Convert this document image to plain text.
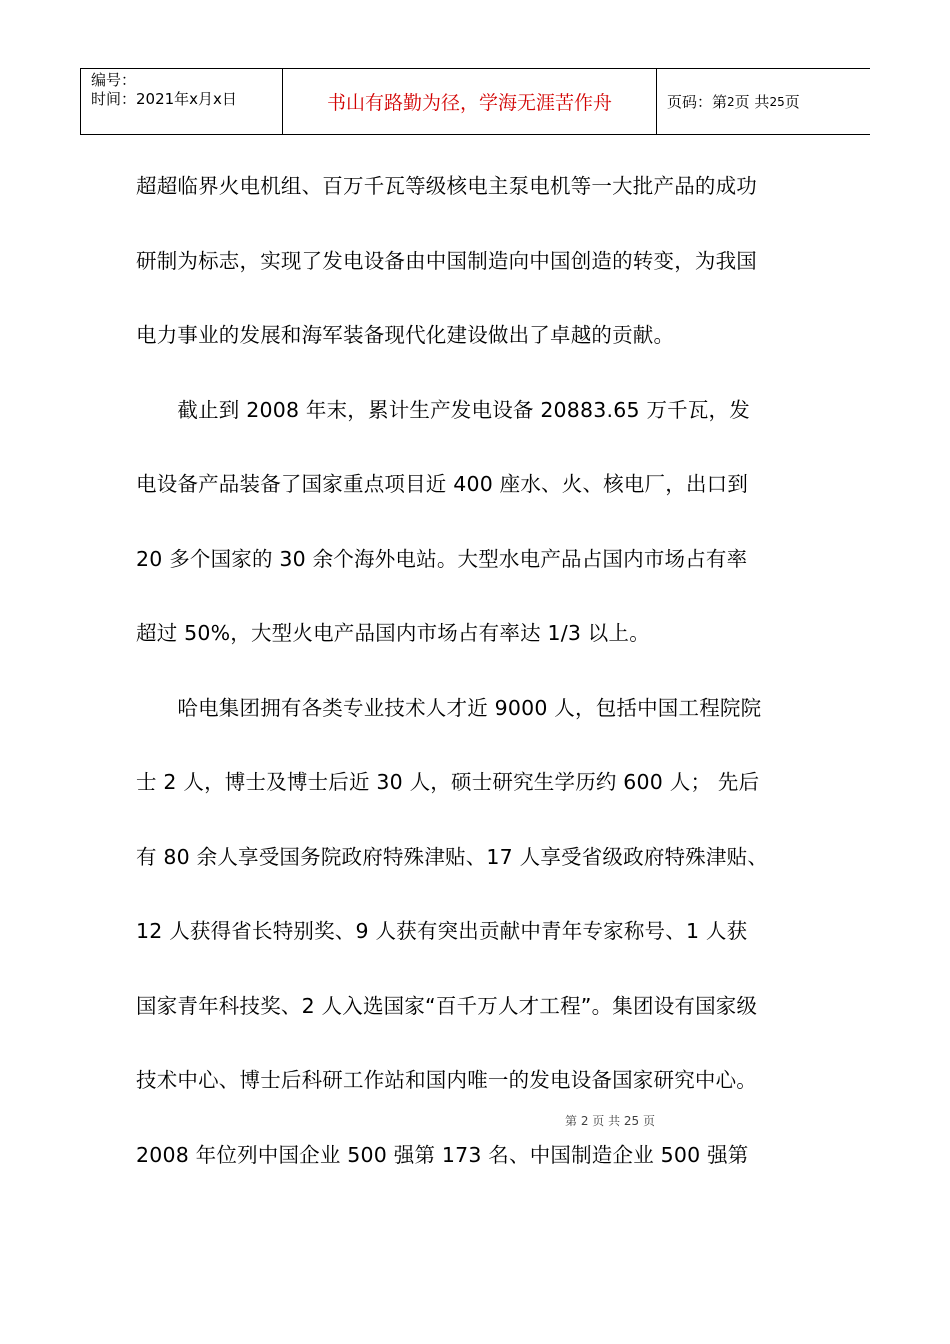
编号：
时间：2021年x月x日	书山有路勤为径，学海无涯苦作舟	页码：第 2 页 共 25 页
超超临界火电机组、百万千瓦等级核电主泵电机等一大批产品的成功
研制为标志，实现了发电设备由中国制造向中国创造的转变，为我国
电力事业的发展和海军装备现代化建设做出了卓越的贡献。
　　截止到 2008 年末，累计生产发电设备 20883.65 万千瓦，发
电设备产品装备了国家重点项目近 400 座水、火、核电厂，出口到
20 多个国家的 30 余个海外电站。大型水电产品占国内市场占有率
超过 50%，大型火电产品国内市场占有率达 1/3 以上。
　　哈电集团拥有各类专业技术人才近 9000 人，包括中国工程院院
士 2 人，博士及博士后近 30 人，硕士研究生学历约 600 人； 先后
有 80 余人享受国务院政府特殊津贴、17 人享受省级政府特殊津贴、
12 人获得省长特别奖、9 人获有突出贡献中青年专家称号、1 人获
国家青年科技奖、2 人入选国家“百千万人才工程”。集团设有国家级
技术中心、博士后科研工作站和国内唯一的发电设备国家研究中心。
2008 年位列中国企业 500 强第 173 名、中国制造企业 500 强第
第 2 页 共 25 页
